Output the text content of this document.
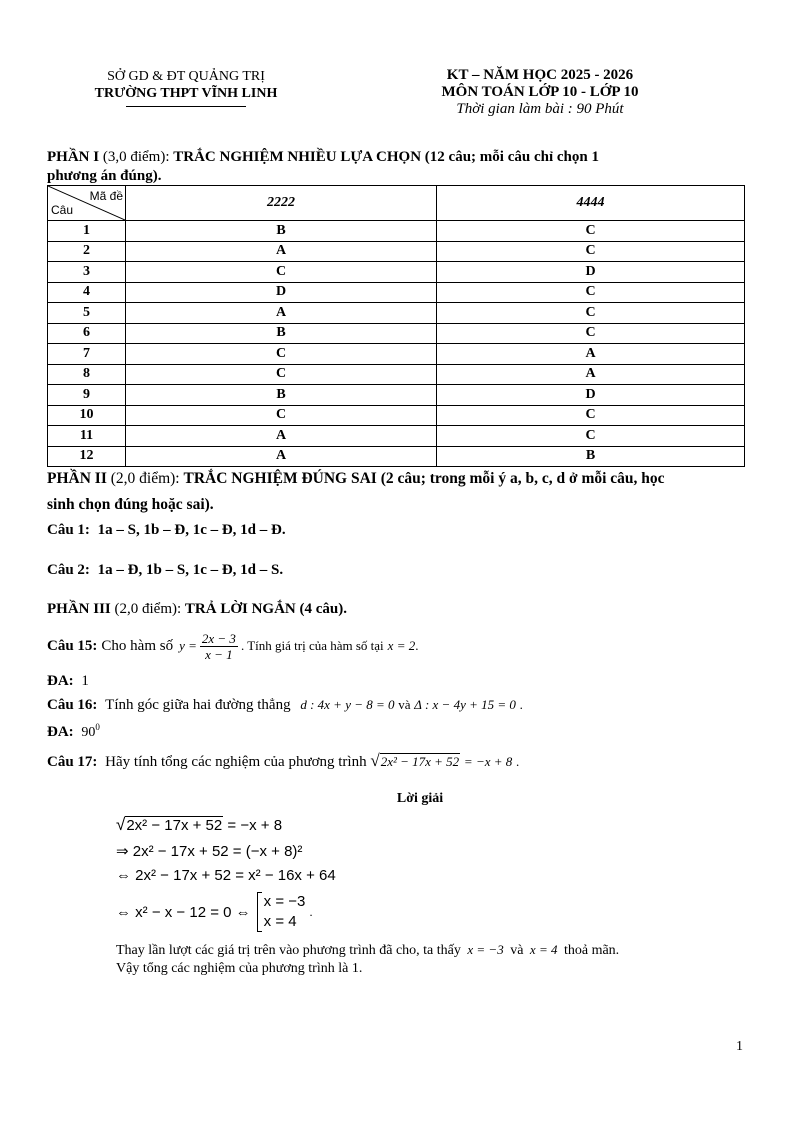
SỞ GD & ĐT QUẢNG TRỊ
TRƯỜNG THPT VĨNH LINH
KT – NĂM HỌC 2025 - 2026
MÔN TOÁN LỚP 10 - LỚP 10
Thời gian làm bài : 90 Phút
PHẦN I (3,0 điểm): TRẮC NGHIỆM NHIỀU LỰA CHỌN (12 câu; mỗi câu chỉ chọn 1
phương án đúng).
Mã đề
Câu	2222	4444
1	B	C
2	A	C
3	C	D
4	D	C
5	A	C
6	B	C
7	C	A
8	C	A
9	B	D
10	C	C
11	A	C
12	A	B
PHẦN II (2,0 điểm): TRẮC NGHIỆM ĐÚNG SAI (2 câu; trong mỗi ý a, b, c, d ở mỗi câu, học
sinh chọn đúng hoặc sai).
Câu 1: 1a – S, 1b – Đ, 1c – Đ, 1d – Đ.
Câu 2: 1a – Đ, 1b – S, 1c – Đ, 1d – S.
PHẦN III (2,0 điểm): TRẢ LỜI NGẮN (4 câu).
Câu 15: Cho hàm số $y = \frac{2x - 3}{x - 1}$ . Tính giá trị của hàm số tại x = 2 .
ĐA: 1
Câu 16: Tính góc giữa hai đường thẳng d : 4x + y − 8 = 0 và Δ : x − 4y + 15 = 0 .
ĐA: $90^0$
Câu 17: Hãy tính tổng các nghiệm của phương trình √2x² − 17x + 52 = −x + 8 .
Lời giải
√2x² − 17x + 52 = −x + 8
⇒ 2x² − 17x + 52 = (−x + 8)²
⇔ 2x² − 17x + 52 = x² − 16x + 64
⇔ x² − x − 12 = 0 ⇔
x = −3
x = 4
.
Thay lần lượt các giá trị trên vào phương trình đã cho, ta thấy x = −3 và x = 4 thoả mãn.
Vậy tổng các nghiệm của phương trình là 1.
1
